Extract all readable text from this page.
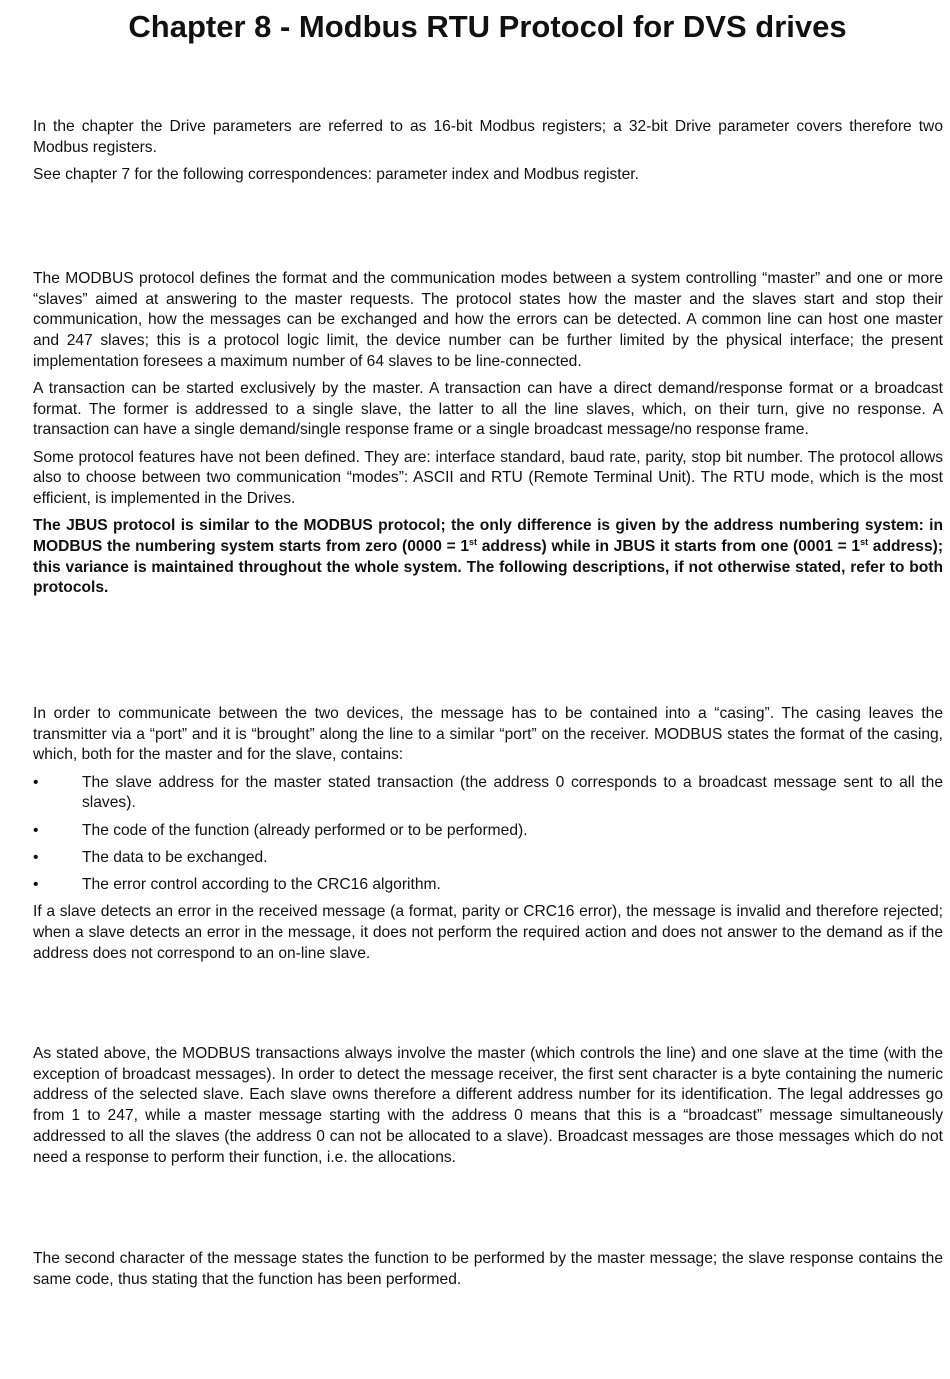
Chapter 8 - Modbus RTU Protocol for DVS drives

In the chapter the Drive parameters are referred to as 16-bit Modbus registers; a 32-bit Drive parameter covers therefore two Modbus registers.

See chapter 7 for the following correspondences: parameter index and Modbus register.

The MODBUS protocol defines the format and the communication modes between a system controlling “master” and one or more “slaves” aimed at answering to the master requests. The protocol states how the master and the slaves start and stop their communication, how the messages can be exchanged and how the errors can be detected. A common line can host one master and 247 slaves; this is a protocol logic limit, the device number can be further limited by the physical interface; the present implementation foresees a maximum number of 64 slaves to be line-connected.

A transaction can be started exclusively by the master. A transaction can have a direct demand/response format or a broadcast format. The former is addressed to a single slave, the latter to all the line slaves, which, on their turn, give no response. A transaction can have a single demand/single response frame or a single broadcast message/no response frame.

Some protocol features have not been defined. They are: interface standard, baud rate, parity, stop bit number. The protocol allows also to choose between two communication “modes”: ASCII and RTU (Remote Terminal Unit). The RTU mode, which is the most efficient, is implemented in the Drives.

The JBUS protocol is similar to the MODBUS protocol; the only difference is given by the address numbering system: in MODBUS the numbering system starts from zero (0000 = 1st address) while in JBUS it starts from one (0001 = 1st address); this variance is maintained throughout the whole system. The following descriptions, if not otherwise stated, refer to both protocols.

In order to communicate between the two devices, the message has to be contained into a “casing”. The casing leaves the transmitter via a “port” and it is “brought” along the line to a similar “port” on the receiver. MODBUS states the format of the casing, which, both for the master and for the slave, contains:

•	The slave address for the master stated transaction (the address 0 corresponds to a broadcast message sent to all the slaves).
•	The code of the function (already performed or to be performed).
•	The data to be exchanged.
•	The error control according to the CRC16 algorithm.

If a slave detects an error in the received message (a format, parity or CRC16 error), the message is invalid and therefore rejected; when a slave detects an error in the message, it does not perform the required action and does not answer to the demand as if the address does not correspond to an on-line slave.

As stated above, the MODBUS transactions always involve the master (which controls the line) and one slave at the time (with the exception of broadcast messages). In order to detect the message receiver, the first sent character is a byte containing the numeric address of the selected slave. Each slave owns therefore a different address number for its identification. The legal addresses go from 1 to 247, while a master message starting with the address 0 means that this is a “broadcast” message simultaneously addressed to all the slaves (the address 0 can not be allocated to a slave). Broadcast messages are those messages which do not need a response to perform their function, i.e. the allocations.

The second character of the message states the function to be performed by the master message; the slave response contains the same code, thus stating that the function has been performed.
